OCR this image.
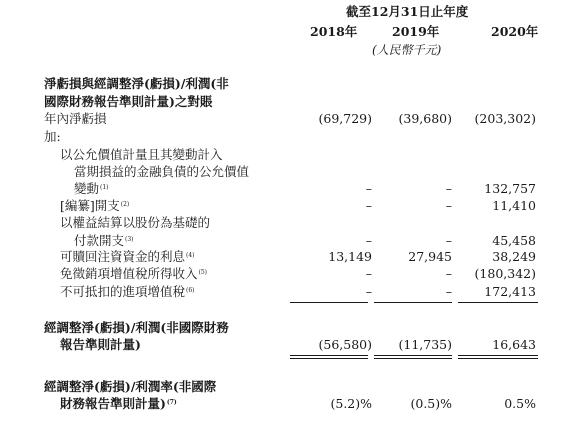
截至12月31日止年度
2018年	2019年	2020年
(人民幣千元)
淨虧損與經調整淨(虧損)/利潤(非
國際財務報告準則計量)之對賬
年內淨虧損	(69,729)	(39,680)	(203,302)
加:
以公允價值計量且其變動計入
當期損益的金融負債的公允價值
變動$^{(1)}$	–	–	132,757
[編纂]開支$^{(2)}$	–	–	11,410
以權益結算以股份為基礎的
付款開支$^{(3)}$	–	–	45,458
可贖回注資資金的利息$^{(4)}$	13,149	27,945	38,249
免徵銷項增值稅所得收入$^{(5)}$	–	–	(180,342)
不可抵扣的進項增值稅$^{(6)}$	–	–	172,413
經調整淨(虧損)/利潤(非國際財務
報告準則計量)	(56,580)	(11,735)	16,643
經調整淨(虧損)/利潤率(非國際
財務報告準則計量)$^{(7)}$	(5.2)%	(0.5)%	0.5%
